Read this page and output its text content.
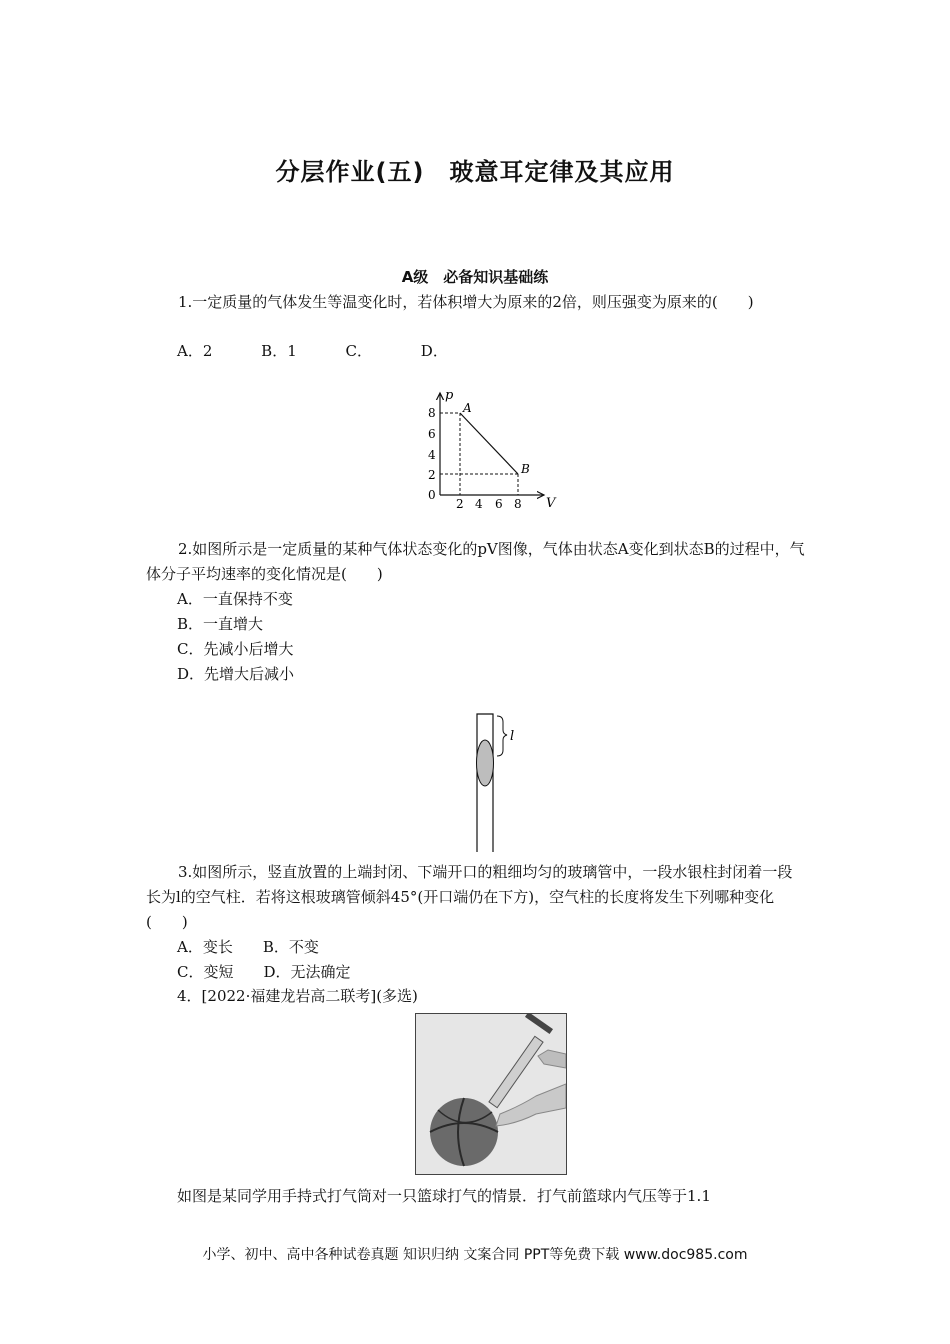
分层作业(五)　玻意耳定律及其应用
A级　必备知识基础练
1.一定质量的气体发生等温变化时，若体积增大为原来的2倍，则压强变为原来的(　　)
A．2	B．1	C．	D．
p
V
8
6
4
2
0
2 4 6 8
A
B
2.如图所示是一定质量的某种气体状态变化的pV图像，气体由状态A变化到状态B的过程中，气体分子平均速率的变化情况是(　　)
A．一直保持不变
B．一直增大
C．先减小后增大
D．先增大后减小
l
3.如图所示，竖直放置的上端封闭、下端开口的粗细均匀的玻璃管中，一段水银柱封闭着一段长为l的空气柱．若将这根玻璃管倾斜45°(开口端仍在下方)，空气柱的长度将发生下列哪种变化(　　)
A．变长　　B．不变
C．变短　　D．无法确定
4．[2022·福建龙岩高二联考](多选)
如图是某同学用手持式打气筒对一只篮球打气的情景．打气前篮球内气压等于1.1
小学、初中、高中各种试卷真题 知识归纳 文案合同 PPT等免费下载 www.doc985.com
